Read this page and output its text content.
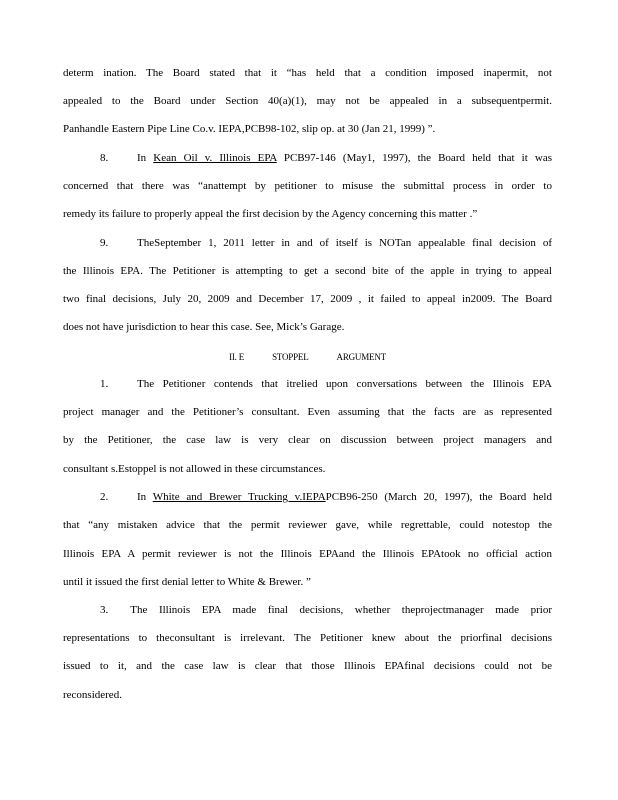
determ ination. The Board stated that it “has held that a condition imposed inapermit, not
appealed to the Board under Section 40(a)(1), may not be appealed in a subsequentpermit.
Panhandle Eastern Pipe Line Co.v. IEPA,PCB98-102, slip op. at 30 (Jan 21, 1999) ”.
8.	In Kean Oil v. Illinois EPA PCB97-146 (May1, 1997), the Board held that it was
concerned that there was “anattempt by petitioner to misuse the submittal process in order to
remedy its failure to properly appeal the first decision by the Agency concerning this matter .”
9.	TheSeptember 1, 2011 letter in and of itself is NOTan appealable final decision of
the Illinois EPA. The Petitioner is attempting to get a second bite of the apple in trying to appeal
two final decisions, July 20, 2009 and December 17, 2009 , it failed to appeal in2009. The Board
does not have jurisdiction to hear this case. See, Mick’s Garage.
II. E	STOPPEL	ARGUMENT
1.	The Petitioner contends that itrelied upon conversations between the Illinois EPA
project manager and the Petitioner’s consultant. Even assuming that the facts are as represented
by the Petitioner, the case law is very clear on discussion between project managers and
consultant s.Estoppel is not allowed in these circumstances.
2.	In White and Brewer Trucking v.IEPAPCB96-250 (March 20, 1997), the Board held
that “any mistaken advice that the permit reviewer gave, while regrettable, could notestop the
Illinois EPA A permit reviewer is not the Illinois EPAand the Illinois EPAtook no official action
until it issued the first denial letter to White & Brewer. ”
3. The Illinois EPA made final decisions, whether theprojectmanager made prior
representations to theconsultant is irrelevant. The Petitioner knew about the priorfinal decisions
issued to it, and the case law is clear that those Illinois EPAfinal decisions could not be
reconsidered.
